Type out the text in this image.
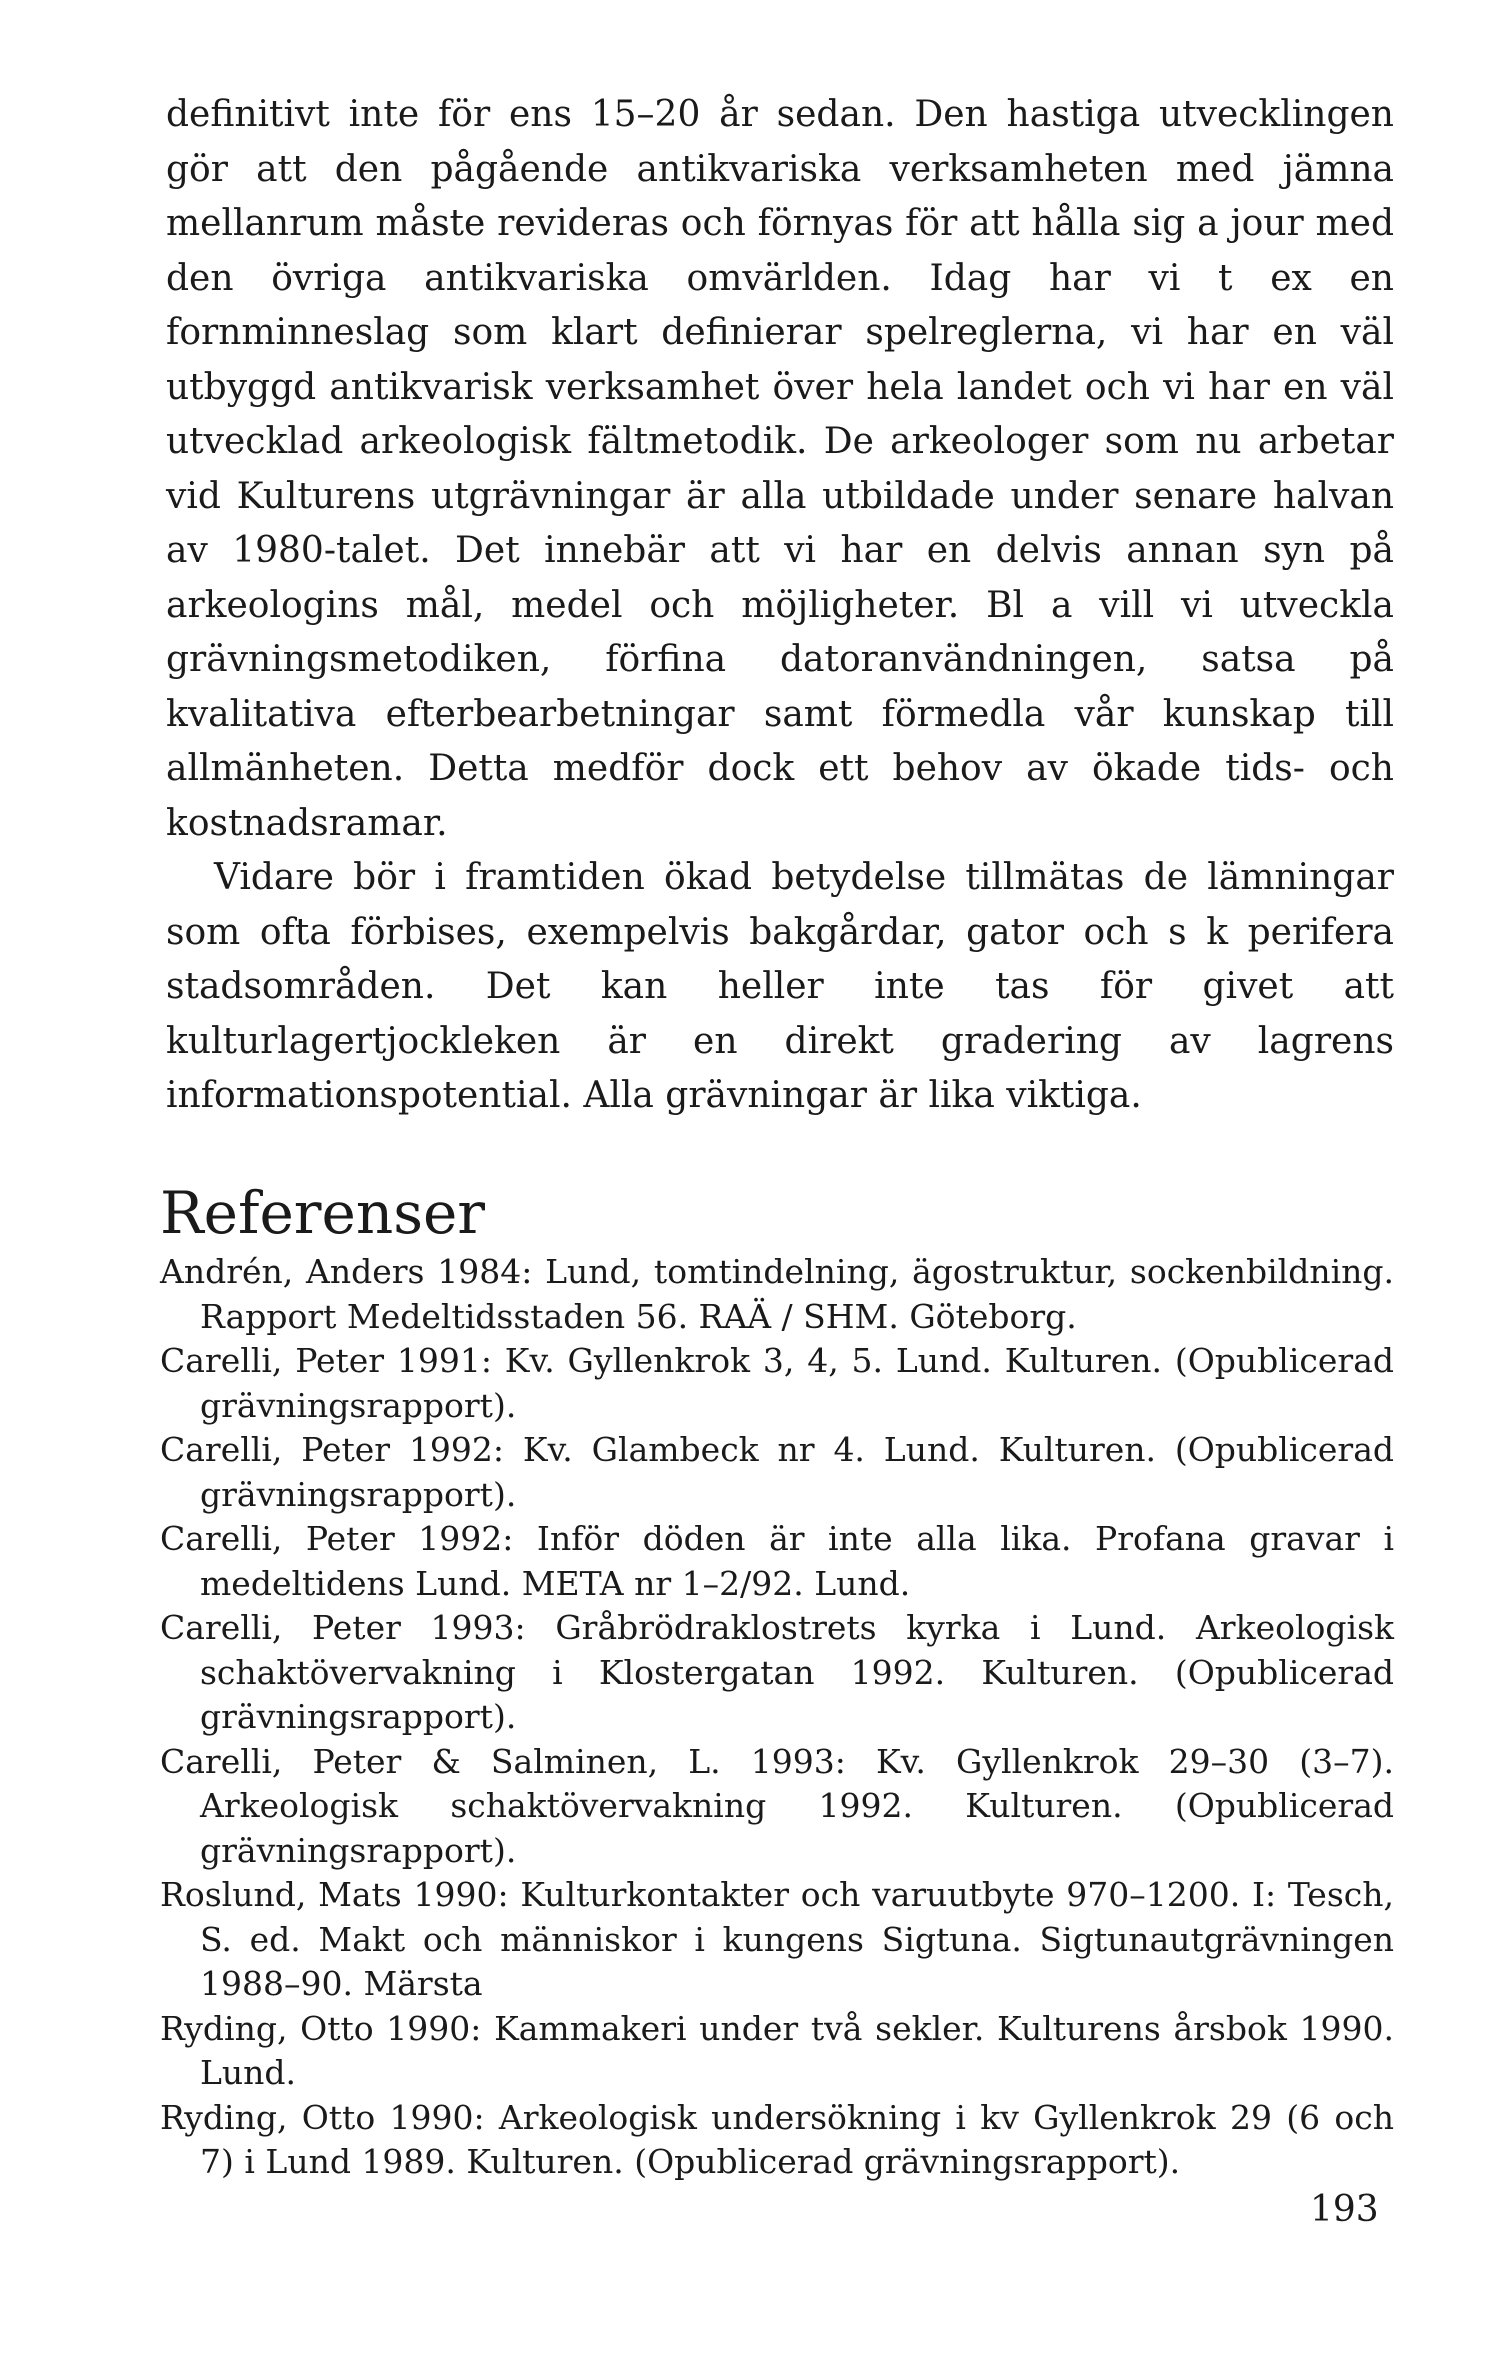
definitivt inte för ens 15–20 år sedan. Den hastiga utvecklingen gör att den pågående antikvariska verksamheten med jämna mellanrum måste revideras och förnyas för att hålla sig a jour med den övriga antikvariska omvärlden. Idag har vi t ex en fornminneslag som klart definierar spelreglerna, vi har en väl utbyggd antikvarisk verksamhet över hela landet och vi har en väl utvecklad arkeologisk fältmetodik. De arkeologer som nu arbetar vid Kulturens utgrävningar är alla utbildade under senare halvan av 1980-talet. Det innebär att vi har en delvis annan syn på arkeologins mål, medel och möjligheter. Bl a vill vi utveckla grävningsmetodiken, förfina datoranvändningen, satsa på kvalitativa efterbearbetningar samt förmedla vår kunskap till allmänheten. Detta medför dock ett behov av ökade tids- och kostnadsramar.

Vidare bör i framtiden ökad betydelse tillmätas de lämningar som ofta förbises, exempelvis bakgårdar, gator och s k perifera stadsområden. Det kan heller inte tas för givet att kulturlagertjockleken är en direkt gradering av lagrens informationspotential. Alla grävningar är lika viktiga.

Referenser

Andrén, Anders 1984: Lund, tomtindelning, ägostruktur, sockenbildning. Rapport Medeltidsstaden 56. RAÄ / SHM. Göteborg.

Carelli, Peter 1991: Kv. Gyllenkrok 3, 4, 5. Lund. Kulturen. (Opublicerad grävningsrapport).

Carelli, Peter 1992: Kv. Glambeck nr 4. Lund. Kulturen. (Opublicerad grävningsrapport).

Carelli, Peter 1992: Inför döden är inte alla lika. Profana gravar i medeltidens Lund. META nr 1–2/92. Lund.

Carelli, Peter 1993: Gråbrödraklostrets kyrka i Lund. Arkeologisk schaktövervakning i Klostergatan 1992. Kulturen. (Opublicerad grävningsrapport).

Carelli, Peter & Salminen, L. 1993: Kv. Gyllenkrok 29–30 (3–7). Arkeologisk schaktövervakning 1992. Kulturen. (Opublicerad grävningsrapport).

Roslund, Mats 1990: Kulturkontakter och varuutbyte 970–1200. I: Tesch, S. ed. Makt och människor i kungens Sigtuna. Sigtunautgrävningen 1988–90. Märsta

Ryding, Otto 1990: Kammakeri under två sekler. Kulturens årsbok 1990. Lund.

Ryding, Otto 1990: Arkeologisk undersökning i kv Gyllenkrok 29 (6 och 7) i Lund 1989. Kulturen. (Opublicerad grävningsrapport).

193
